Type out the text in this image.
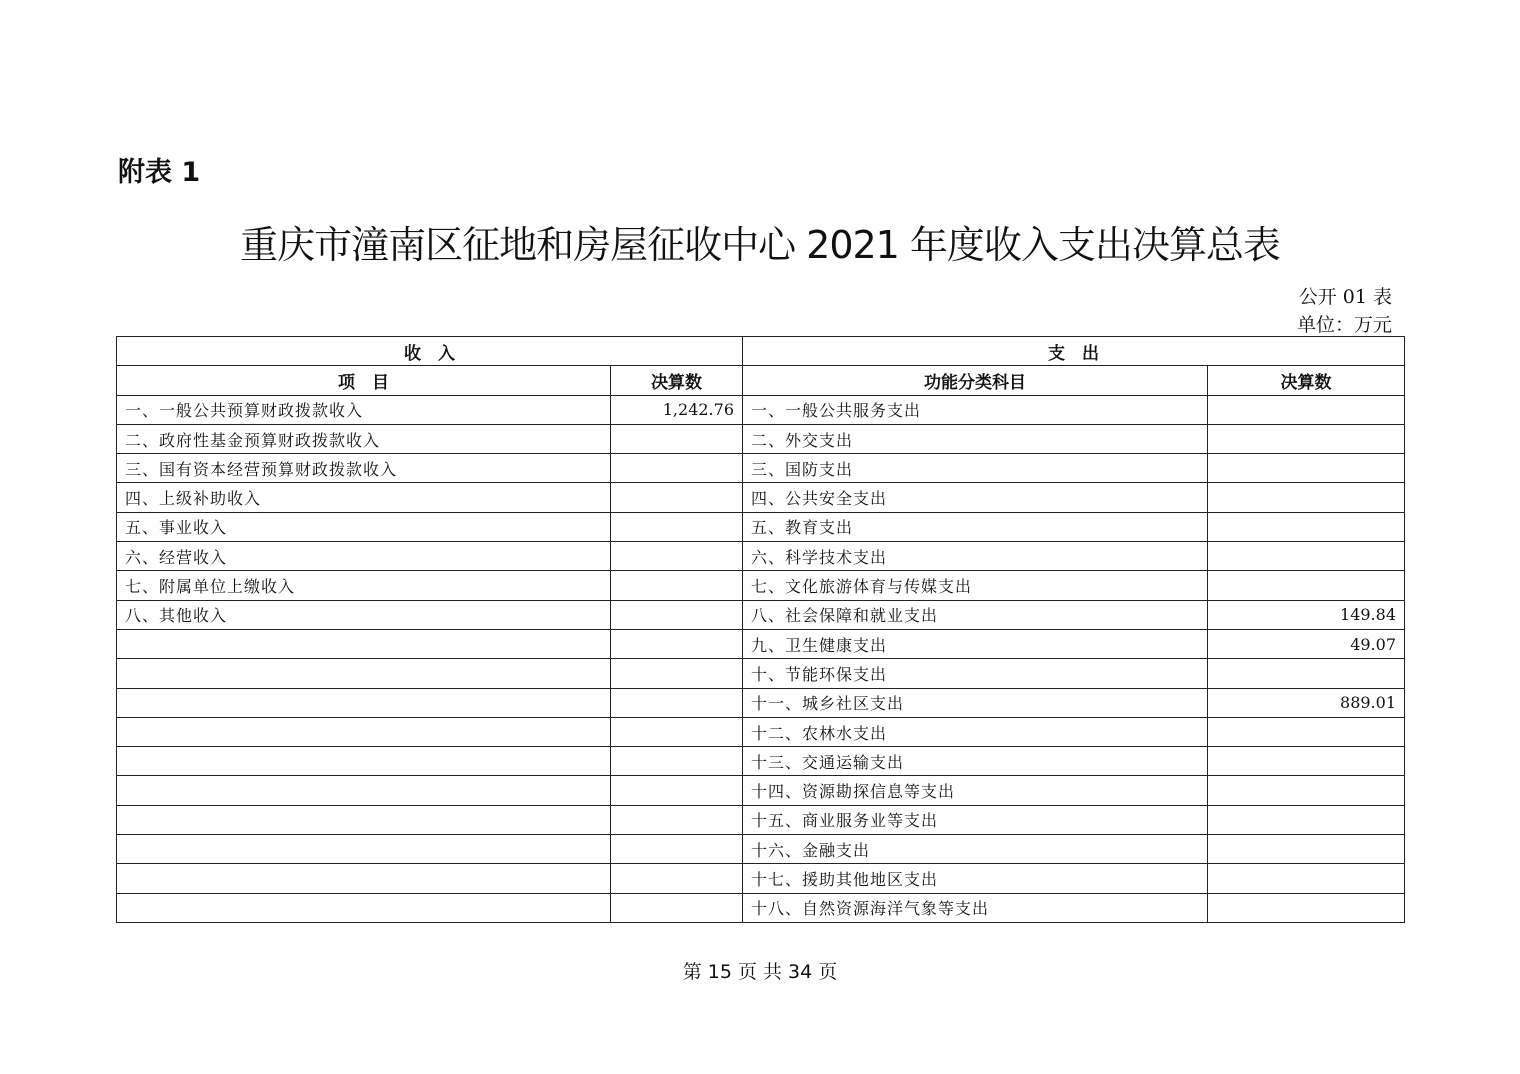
附表 1
重庆市潼南区征地和房屋征收中心 2021 年度收入支出决算总表
公开 01 表
单位：万元
收　入		支　出	
项　目	决算数	功能分类科目	决算数
一、一般公共预算财政拨款收入	1,242.76	一、一般公共服务支出	
二、政府性基金预算财政拨款收入		二、外交支出	
三、国有资本经营预算财政拨款收入		三、国防支出	
四、上级补助收入		四、公共安全支出	
五、事业收入		五、教育支出	
六、经营收入		六、科学技术支出	
七、附属单位上缴收入		七、文化旅游体育与传媒支出	
八、其他收入		八、社会保障和就业支出	149.84
		九、卫生健康支出	49.07
		十、节能环保支出	
		十一、城乡社区支出	889.01
		十二、农林水支出	
		十三、交通运输支出	
		十四、资源勘探信息等支出	
		十五、商业服务业等支出	
		十六、金融支出	
		十七、援助其他地区支出	
		十八、自然资源海洋气象等支出	
第 15 页 共 34 页
